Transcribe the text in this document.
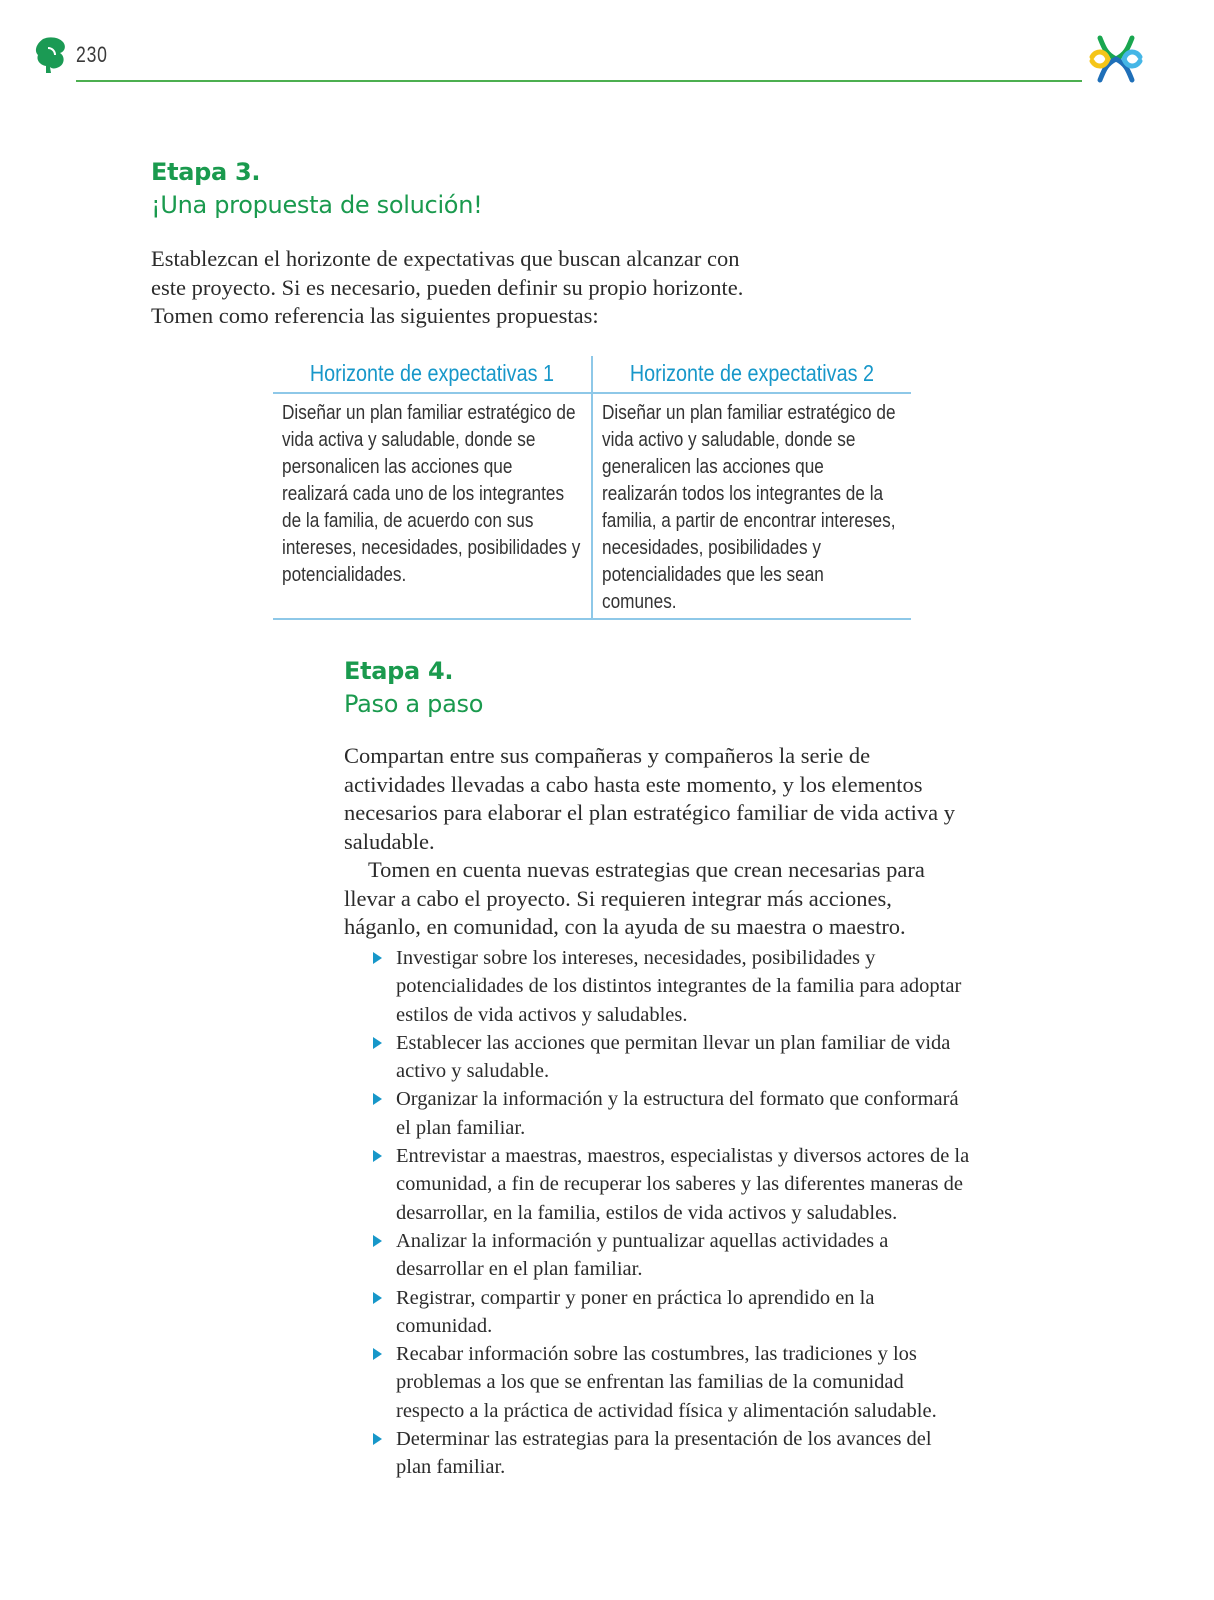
230
Etapa 3.
¡Una propuesta de solución!

Establezcan el horizonte de expectativas que buscan alcanzar con este proyecto. Si es necesario, pueden definir su propio horizonte. Tomen como referencia las siguientes propuestas:

Horizonte de expectativas 1
Diseñar un plan familiar estratégico de vida activa y saludable, donde se personalicen las acciones que realizará cada uno de los integrantes de la familia, de acuerdo con sus intereses, necesidades, posibilidades y potencialidades.
Horizonte de expectativas 2
Diseñar un plan familiar estratégico de vida activo y saludable, donde se generalicen las acciones que realizarán todos los integrantes de la familia, a partir de encontrar intereses, necesidades, posibilidades y potencialidades que les sean comunes.
Etapa 4.
Paso a paso

Compartan entre sus compañeras y compañeros la serie de actividades llevadas a cabo hasta este momento, y los elementos necesarios para elaborar el plan estratégico familiar de vida activa y saludable.

Tomen en cuenta nuevas estrategias que crean necesarias para llevar a cabo el proyecto. Si requieren integrar más acciones, háganlo, en comunidad, con la ayuda de su maestra o maestro.

Investigar sobre los intereses, necesidades, posibilidades y potencialidades de los distintos integrantes de la familia para adoptar estilos de vida activos y saludables.
Establecer las acciones que permitan llevar un plan familiar de vida activo y saludable.
Organizar la información y la estructura del formato que conformará el plan familiar.
Entrevistar a maestras, maestros, especialistas y diversos actores de la comunidad, a fin de recuperar los saberes y las diferentes maneras de desarrollar, en la familia, estilos de vida activos y saludables.
Analizar la información y puntualizar aquellas actividades a desarrollar en el plan familiar.
Registrar, compartir y poner en práctica lo aprendido en la comunidad.
Recabar información sobre las costumbres, las tradiciones y los problemas a los que se enfrentan las familias de la comunidad respecto a la práctica de actividad física y alimentación saludable.
Determinar las estrategias para la presentación de los avances del plan familiar.
